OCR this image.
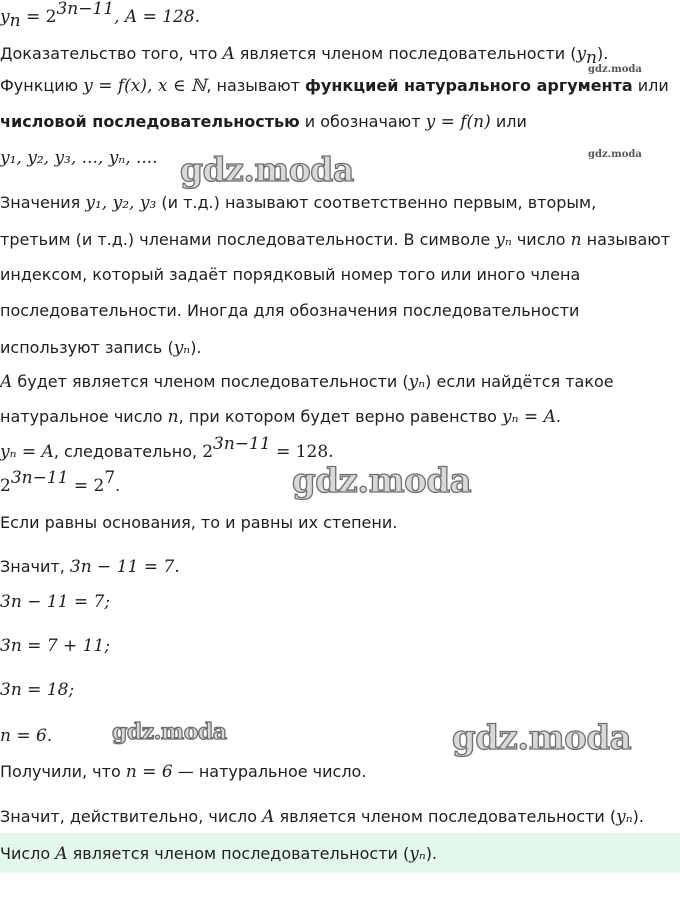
gdz.moda
gdz.moda
gdz.moda
gdz.moda
gdz.moda	gdz.moda
$y_n = 2^{3n-11}$, A = 128.
Доказательство того, что A является членом последовательности $(y_n)$.
Функцию y = f(x), x ∈ ℕ, называют функцией натурального аргумента или
числовой последовательностью и обозначают y = f(n) или
y₁, y₂, y₃, ..., yₙ, ....
Значения y₁, y₂, y₃ (и т.д.) называют соответственно первым, вторым,
третьим (и т.д.) членами последовательности. В символе yₙ число n называют
индексом, который задаёт порядковый номер того или иного члена
последовательности. Иногда для обозначения последовательности
используют запись (yₙ).
A будет является членом последовательности (yₙ) если найдётся такое
натуральное число n, при котором будет верно равенство yₙ = A.
yₙ = A, следовательно, $2^{3n-11} = 128$.
$2^{3n-11} = 2^7$.
Если равны основания, то и равны их степени.
Значит, 3n − 11 = 7.
3n − 11 = 7;
3n = 7 + 11;
3n = 18;
n = 6.
Получили, что n = 6 — натуральное число.
Значит, действительно, число A является членом последовательности (yₙ).
Число A является членом последовательности (yₙ).
